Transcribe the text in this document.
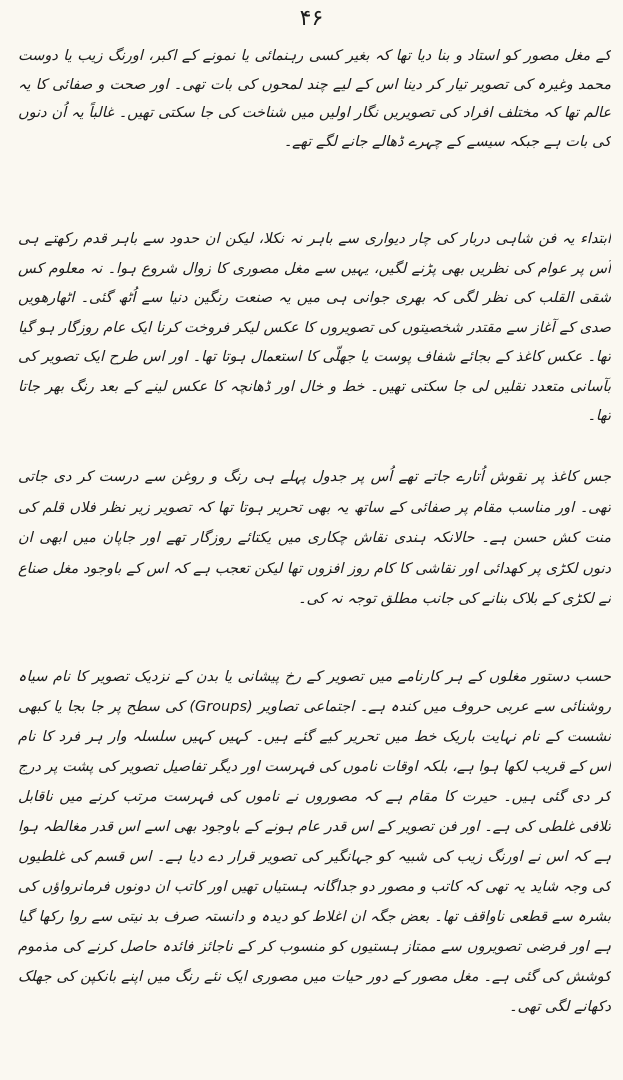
۴۶
کے مغل مصور کو استاد و بنا دیا تھا کہ بغیر کسی رہنمائی یا نمونے کے اکبر، اورنگ زیب یا دوست محمد وغیرہ کی تصویر تیار کر دینا اس کے لیے چند لمحوں کی بات تھی۔ اور صحت و صفائی کا یہ عالم تھا کہ مختلف افراد کی تصویریں نگار اولیں میں شناخت کی جا سکتی تھیں۔ غالباً یہ اُن دنوں کی بات ہے جبکہ سیسے کے چہرے ڈھالے جانے لگے تھے۔
ابتداء یہ فن شاہی دربار کی چار دیواری سے باہر نہ نکلا، لیکن ان حدود سے باہر قدم رکھتے ہی اُس پر عوام کی نظریں بھی پڑنے لگیں، یہیں سے مغل مصوری کا زوال شروع ہوا۔ نہ معلوم کس شقی القلب کی نظر لگی کہ بھری جوانی ہی میں یہ صنعت رنگین دنیا سے اُٹھ گئی۔ اٹھارھویں صدی کے آغاز سے مقتدر شخصیتوں کی تصویروں کا عکس لیکر فروخت کرنا ایک عام روزگار ہو گیا تھا۔ عکس کاغذ کے بجائے شفاف پوست یا جھلّی کا استعمال ہوتا تھا۔ اور اس طرح ایک تصویر کی بآسانی متعدد نقلیں لی جا سکتی تھیں۔ خط و خال اور ڈھانچہ کا عکس لینے کے بعد رنگ بھر جاتا تھا۔
جس کاغذ پر نقوش اُتارے جاتے تھے اُس پر جدول پہلے ہی رنگ و روغن سے درست کر دی جاتی تھی۔ اور مناسب مقام پر صفائی کے ساتھ یہ بھی تحریر ہوتا تھا کہ تصویر زیر نظر فلاں قلم کی منت کش حسن ہے۔ حالانکہ ہندی نقاش چکاری میں یکتائے روزگار تھے اور جاپان میں ابھی ان دنوں لکڑی پر کھدائی اور نقاشی کا کام روز افزوں تھا لیکن تعجب ہے کہ اس کے باوجود مغل صناع نے لکڑی کے بلاک بنانے کی جانب مطلق توجہ نہ کی۔
حسب دستور مغلوں کے ہر کارنامے میں تصویر کے رخ پیشانی یا بدن کے نزدیک تصویر کا نام سیاہ روشنائی سے عربی حروف میں کندہ ہے۔ اجتماعی تصاویر (Groups) کی سطح پر جا بجا یا کبھی نشست کے نام نہایت باریک خط میں تحریر کیے گئے ہیں۔ کہیں کہیں سلسلہ وار ہر فرد کا نام اس کے قریب لکھا ہوا ہے، بلکہ اوقات ناموں کی فہرست اور دیگر تفاصیل تصویر کی پشت پر درج کر دی گئی ہیں۔ حیرت کا مقام ہے کہ مصوروں نے ناموں کی فہرست مرتب کرنے میں ناقابل تلافی غلطی کی ہے۔ اور فن تصویر کے اس قدر عام ہونے کے باوجود بھی اسے اس قدر مغالطہ ہوا ہے کہ اس نے اورنگ زیب کی شبیہ کو جہانگیر کی تصویر قرار دے دیا ہے۔ اس قسم کی غلطیوں کی وجہ شاید یہ تھی کہ کاتب و مصور دو جداگانہ ہستیاں تھیں اور کاتب ان دونوں فرمانرواؤں کی بشرہ سے قطعی ناواقف تھا۔ بعض جگہ ان اغلاط کو دیدہ و دانستہ صرف بد نیتی سے روا رکھا گیا ہے اور فرضی تصویروں سے ممتاز ہستیوں کو منسوب کر کے ناجائز فائدہ حاصل کرنے کی مذموم کوشش کی گئی ہے۔ مغل مصور کے دور حیات میں مصوری ایک نئے رنگ میں اپنے بانکپن کی جھلک دکھانے لگی تھی۔
